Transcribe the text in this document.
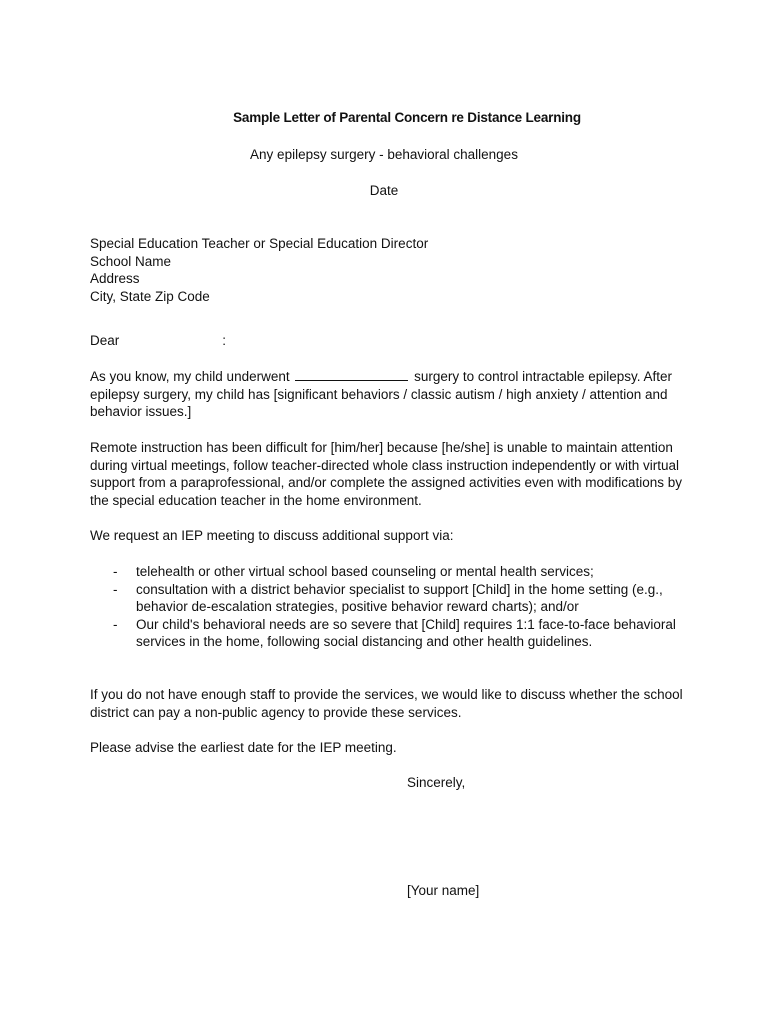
Sample Letter of Parental Concern re Distance Learning
Any epilepsy surgery - behavioral challenges
Date
Special Education Teacher or Special Education Director
School Name
Address
City, State Zip Code
Dear	:
As you know, my child underwent	surgery to control intractable epilepsy. After epilepsy surgery, my child has [significant behaviors / classic autism / high anxiety / attention and behavior issues.]
Remote instruction has been difficult for [him/her] because [he/she] is unable to maintain attention during virtual meetings, follow teacher-directed whole class instruction independently or with virtual support from a paraprofessional, and/or complete the assigned activities even with modifications by the special education teacher in the home environment.
We request an IEP meeting to discuss additional support via:
- telehealth or other virtual school based counseling or mental health services;
- consultation with a district behavior specialist to support [Child] in the home setting (e.g., behavior de-escalation strategies, positive behavior reward charts); and/or
- Our child's behavioral needs are so severe that [Child] requires 1:1 face-to-face behavioral services in the home, following social distancing and other health guidelines.
If you do not have enough staff to provide the services, we would like to discuss whether the school district can pay a non-public agency to provide these services.
Please advise the earliest date for the IEP meeting.
Sincerely,
[Your name]
